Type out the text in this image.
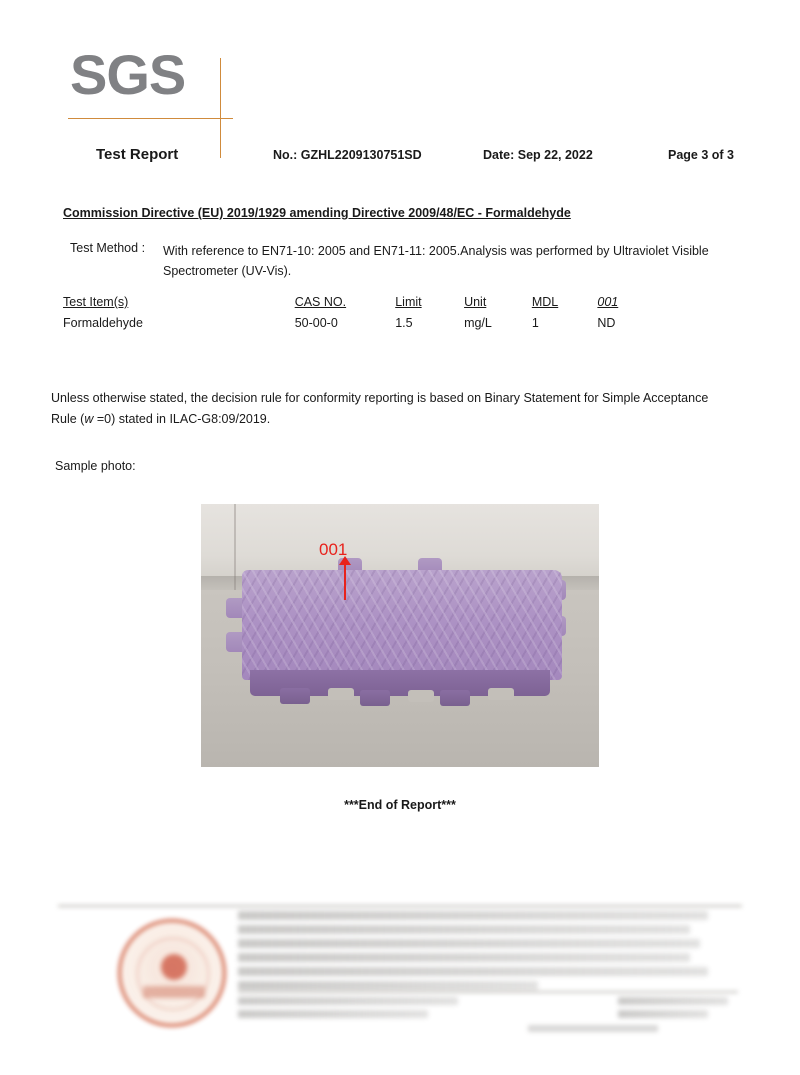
SGS
Test Report	No.: GZHL2209130751SD	Date: Sep 22, 2022	Page 3 of 3
Commission Directive (EU) 2019/1929 amending Directive 2009/48/EC - Formaldehyde
Test Method : With reference to EN71-10: 2005 and EN71-11: 2005.Analysis was performed by Ultraviolet Visible Spectrometer (UV-Vis).
Test Item(s)	CAS NO.	Limit	Unit	MDL	001
Formaldehyde	50-00-0	1.5	mg/L	1	ND
Unless otherwise stated, the decision rule for conformity reporting is based on Binary Statement for Simple Acceptance Rule (w =0) stated in ILAC-G8:09/2019.
Sample photo:
001
***End of Report***
